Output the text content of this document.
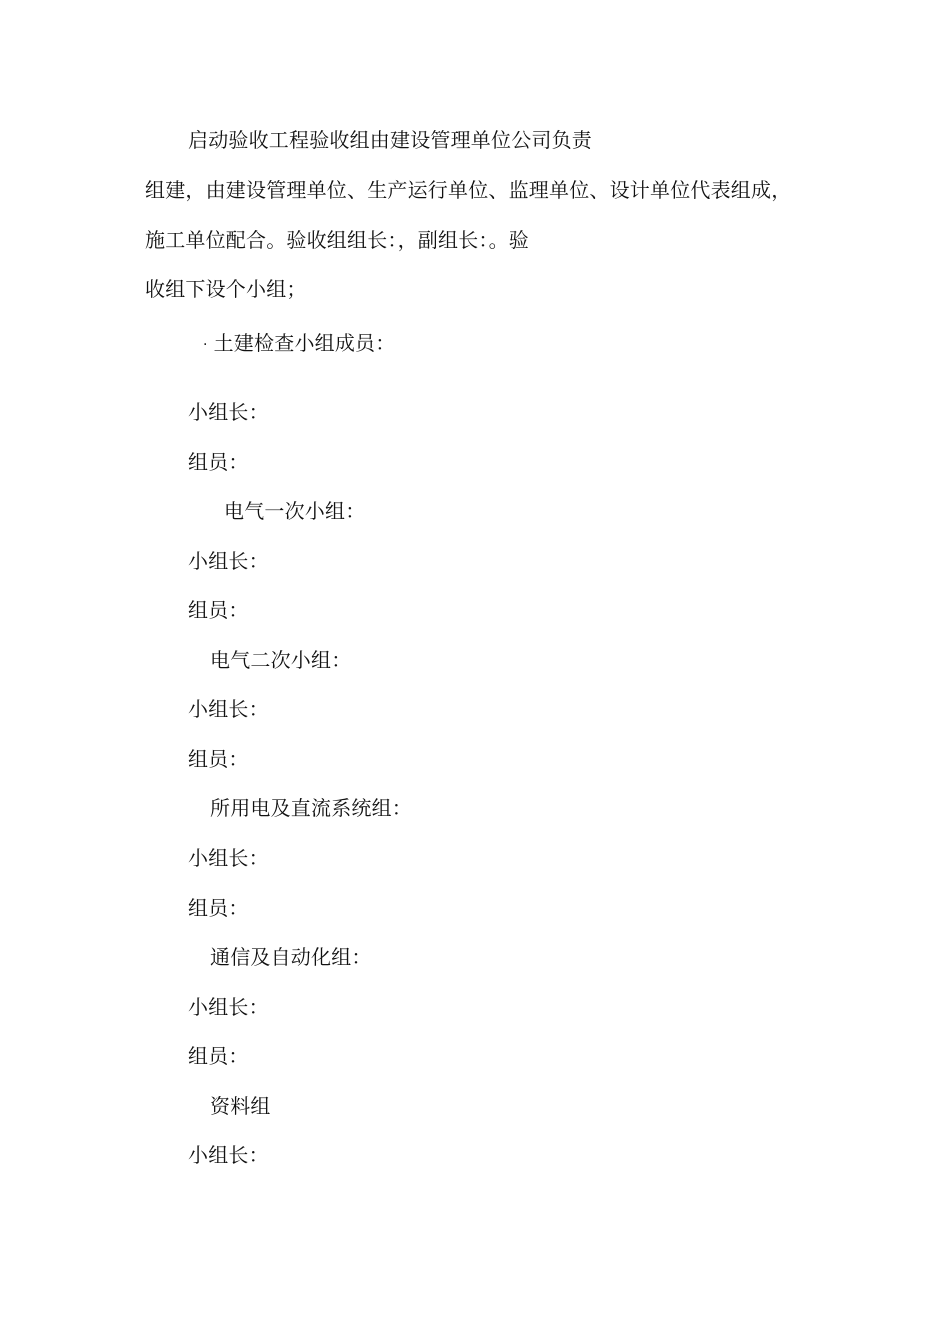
启动验收工程验收组由建设管理单位公司负责
组建，由建设管理单位、生产运行单位、监理单位、设计单位代表组成，
施工单位配合。验收组组长：，副组长：。验
收组下设个小组；
· 土建检查小组成员：
小组长：
组员：
电气一次小组：
小组长：
组员：
电气二次小组：
小组长：
组员：
所用电及直流系统组：
小组长：
组员：
通信及自动化组：
小组长：
组员：
资料组
小组长：
